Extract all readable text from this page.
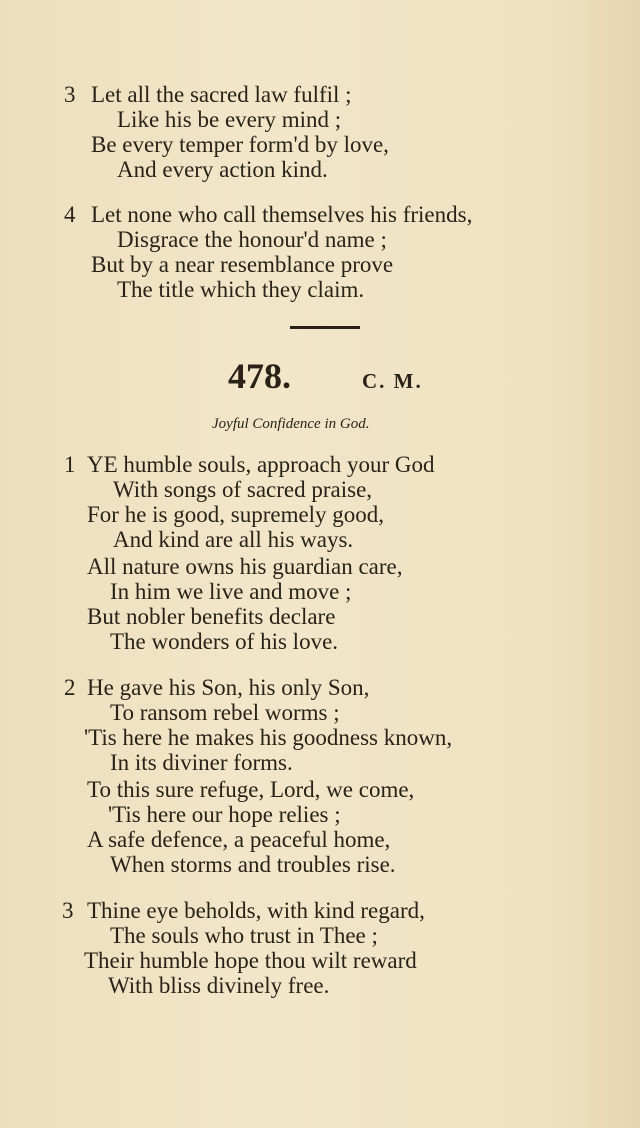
3 Let all the sacred law fulfil ;
Like his be every mind ;
Be every temper form'd by love,
And every action kind.
4 Let none who call themselves his friends,
Disgrace the honour'd name ;
But by a near resemblance prove
The title which they claim.
478.	C. M.
Joyful Confidence in God.
1 YE humble souls, approach your God
With songs of sacred praise,
For he is good, supremely good,
And kind are all his ways.
All nature owns his guardian care,
In him we live and move ;
But nobler benefits declare
The wonders of his love.
2 He gave his Son, his only Son,
To ransom rebel worms ;
'Tis here he makes his goodness known,
In its diviner forms.
To this sure refuge, Lord, we come,
'Tis here our hope relies ;
A safe defence, a peaceful home,
When storms and troubles rise.
3 Thine eye beholds, with kind regard,
The souls who trust in Thee ;
Their humble hope thou wilt reward
With bliss divinely free.
